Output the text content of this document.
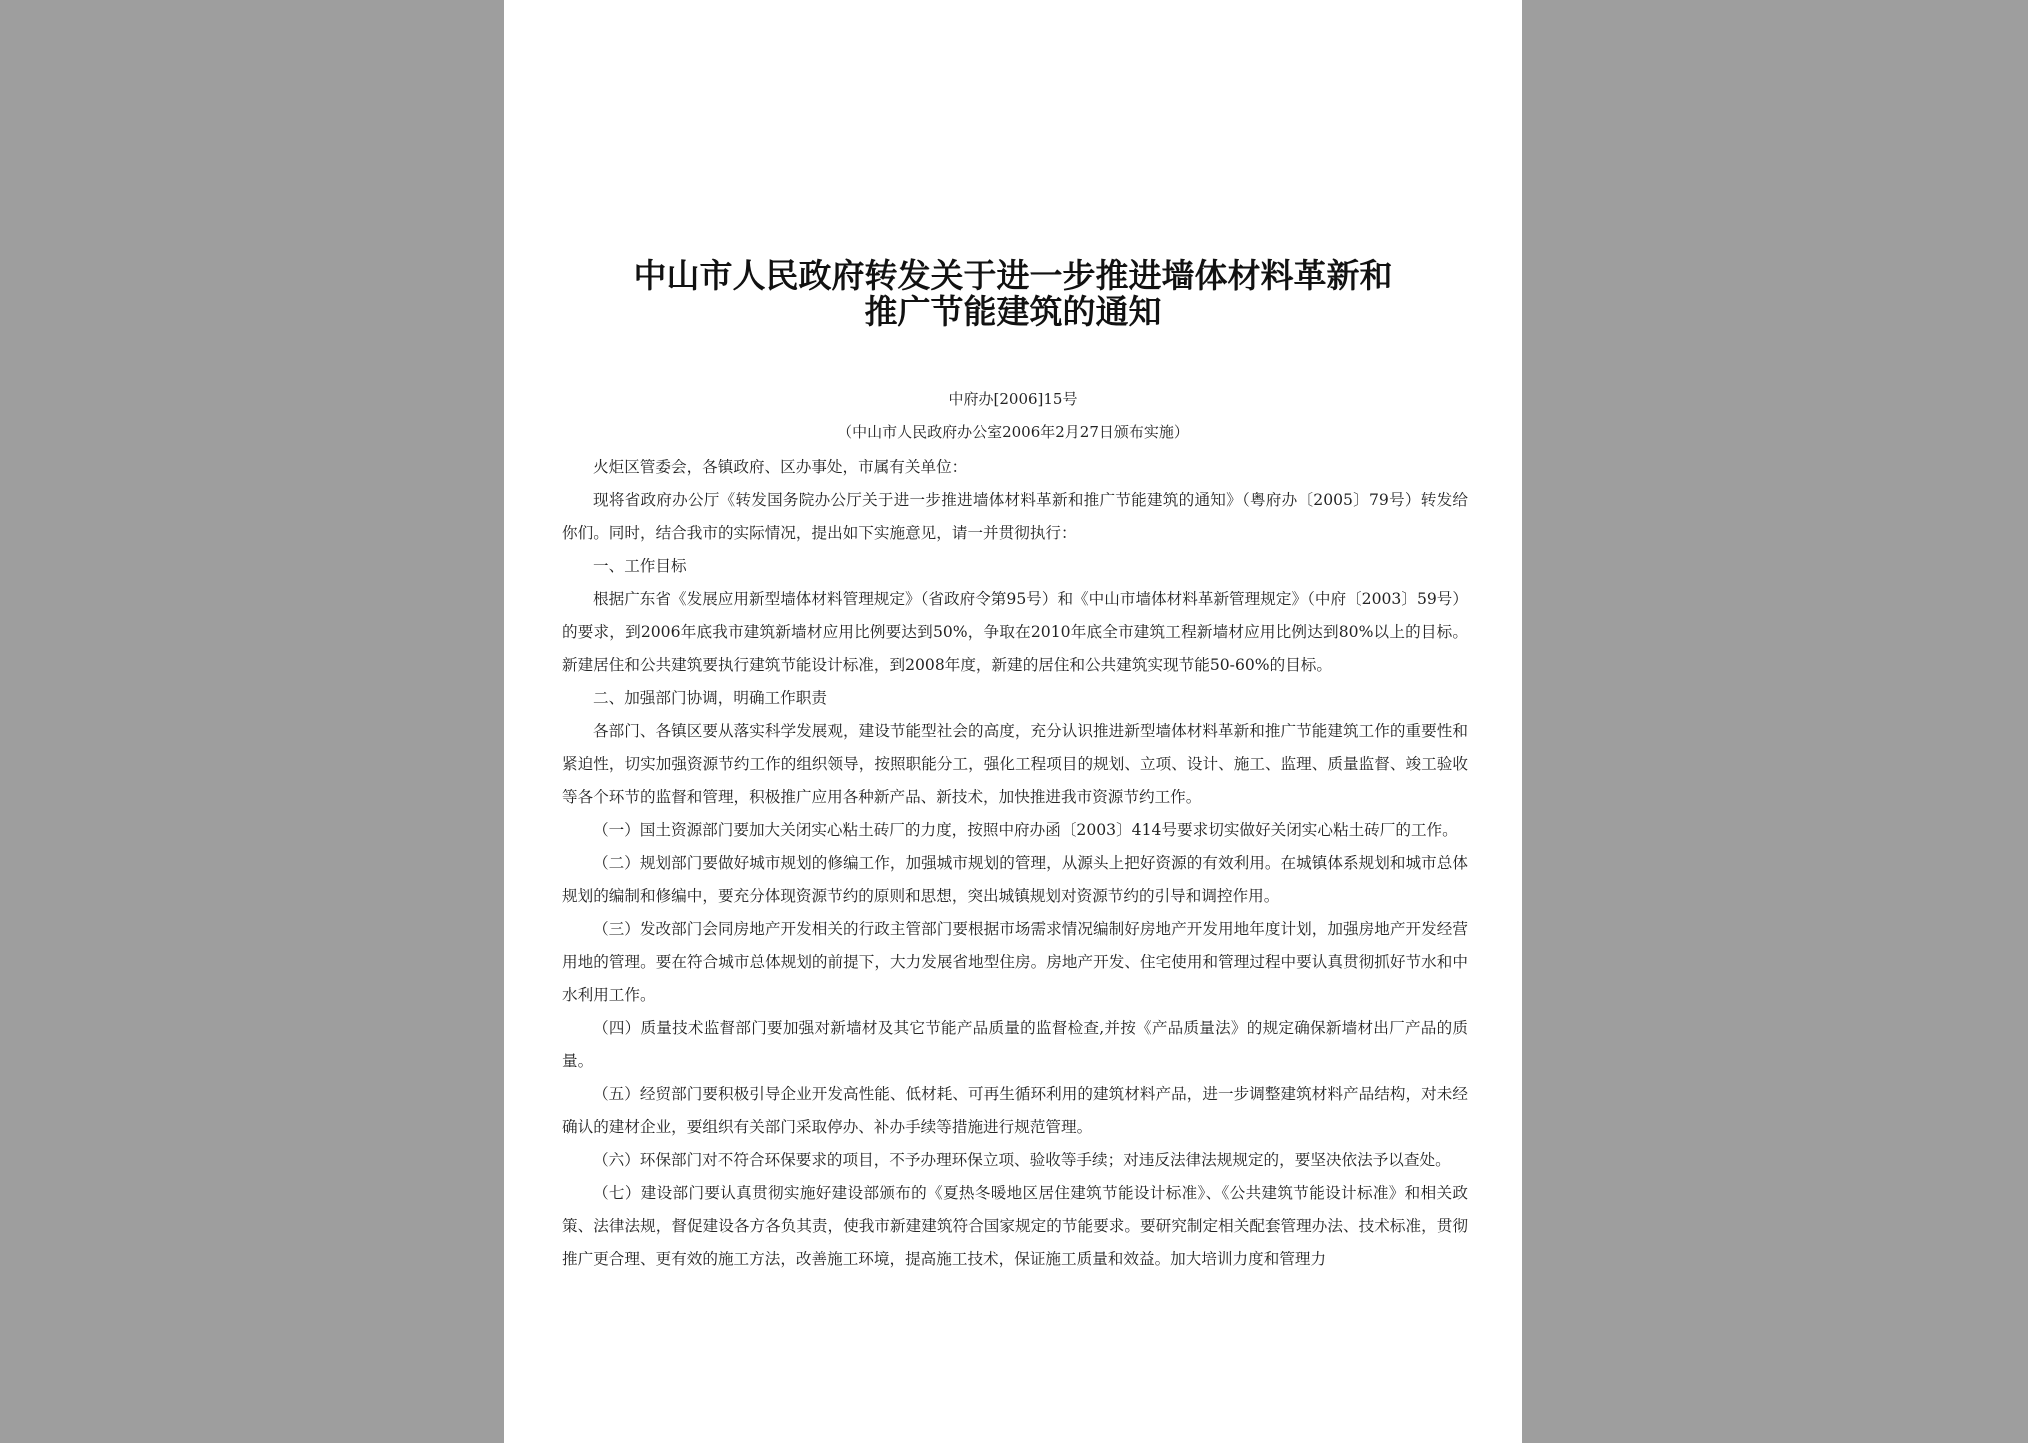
中山市人民政府转发关于进一步推进墙体材料革新和
推广节能建筑的通知
中府办[2006]15号
（中山市人民政府办公室2006年2月27日颁布实施）

火炬区管委会，各镇政府、区办事处，市属有关单位：

现将省政府办公厅《转发国务院办公厅关于进一步推进墙体材料革新和推广节能建筑的通知》（粤府办〔2005〕79号）转发给你们。同时，结合我市的实际情况，提出如下实施意见，请一并贯彻执行：

一、工作目标

根据广东省《发展应用新型墙体材料管理规定》（省政府令第95号）和《中山市墙体材料革新管理规定》（中府〔2003〕59号）的要求，到2006年底我市建筑新墙材应用比例要达到50%，争取在2010年底全市建筑工程新墙材应用比例达到80%以上的目标。新建居住和公共建筑要执行建筑节能设计标准，到2008年度，新建的居住和公共建筑实现节能50-60%的目标。

二、加强部门协调，明确工作职责

各部门、各镇区要从落实科学发展观，建设节能型社会的高度，充分认识推进新型墙体材料革新和推广节能建筑工作的重要性和紧迫性，切实加强资源节约工作的组织领导，按照职能分工，强化工程项目的规划、立项、设计、施工、监理、质量监督、竣工验收等各个环节的监督和管理，积极推广应用各种新产品、新技术，加快推进我市资源节约工作。

（一）国土资源部门要加大关闭实心粘土砖厂的力度，按照中府办函〔2003〕414号要求切实做好关闭实心粘土砖厂的工作。

（二）规划部门要做好城市规划的修编工作，加强城市规划的管理，从源头上把好资源的有效利用。在城镇体系规划和城市总体规划的编制和修编中，要充分体现资源节约的原则和思想，突出城镇规划对资源节约的引导和调控作用。

（三）发改部门会同房地产开发相关的行政主管部门要根据市场需求情况编制好房地产开发用地年度计划，加强房地产开发经营用地的管理。要在符合城市总体规划的前提下，大力发展省地型住房。房地产开发、住宅使用和管理过程中要认真贯彻抓好节水和中水利用工作。

（四）质量技术监督部门要加强对新墙材及其它节能产品质量的监督检查,并按《产品质量法》的规定确保新墙材出厂产品的质量。

（五）经贸部门要积极引导企业开发高性能、低材耗、可再生循环利用的建筑材料产品，进一步调整建筑材料产品结构，对未经确认的建材企业，要组织有关部门采取停办、补办手续等措施进行规范管理。

（六）环保部门对不符合环保要求的项目，不予办理环保立项、验收等手续；对违反法律法规规定的，要坚决依法予以查处。

（七）建设部门要认真贯彻实施好建设部颁布的《夏热冬暖地区居住建筑节能设计标准》、《公共建筑节能设计标准》和相关政策、法律法规，督促建设各方各负其责，使我市新建建筑符合国家规定的节能要求。要研究制定相关配套管理办法、技术标准，贯彻推广更合理、更有效的施工方法，改善施工环境，提高施工技术，保证施工质量和效益。加大培训力度和管理力
